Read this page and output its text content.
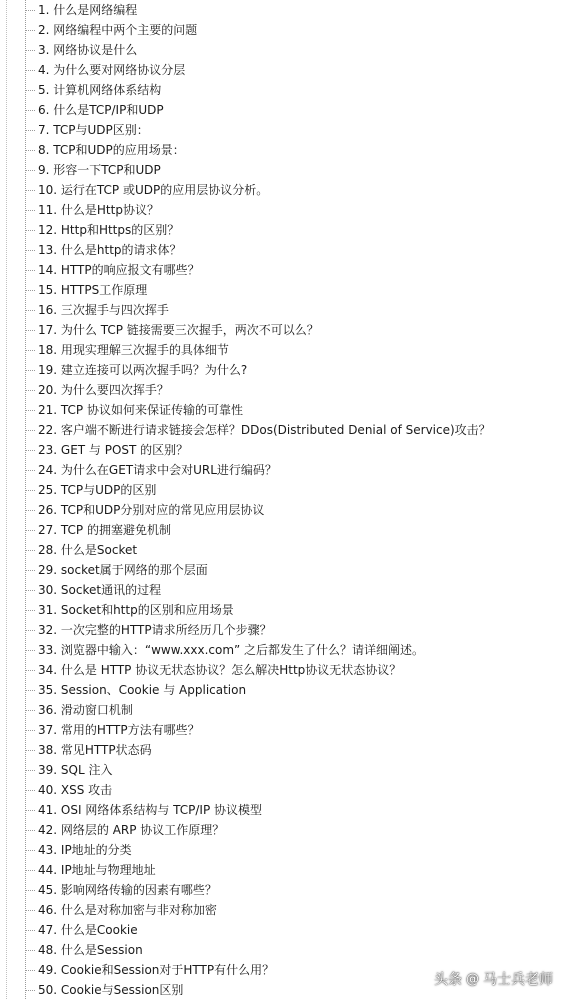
1. 什么是网络编程
2. 网络编程中两个主要的问题
3. 网络协议是什么
4. 为什么要对网络协议分层
5. 计算机网络体系结构
6. 什么是TCP/IP和UDP
7. TCP与UDP区别：
8. TCP和UDP的应用场景：
9. 形容一下TCP和UDP
10. 运行在TCP 或UDP的应用层协议分析。
11. 什么是Http协议？
12. Http和Https的区别？
13. 什么是http的请求体？
14. HTTP的响应报文有哪些？
15. HTTPS工作原理
16. 三次握手与四次挥手
17. 为什么 TCP 链接需要三次握手，两次不可以么？
18. 用现实理解三次握手的具体细节
19. 建立连接可以两次握手吗？为什么?
20. 为什么要四次挥手？
21. TCP 协议如何来保证传输的可靠性
22. 客户端不断进行请求链接会怎样？DDos(Distributed Denial of Service)攻击？
23. GET 与 POST 的区别？
24. 为什么在GET请求中会对URL进行编码？
25. TCP与UDP的区别
26. TCP和UDP分别对应的常见应用层协议
27. TCP 的拥塞避免机制
28. 什么是Socket
29. socket属于网络的那个层面
30. Socket通讯的过程
31. Socket和http的区别和应用场景
32. 一次完整的HTTP请求所经历几个步骤？
33. 浏览器中输入：“www.xxx.com” 之后都发生了什么？请详细阐述。
34. 什么是 HTTP 协议无状态协议？怎么解决Http协议无状态协议？
35. Session、Cookie 与 Application
36. 滑动窗口机制
37. 常用的HTTP方法有哪些？
38. 常见HTTP状态码
39. SQL 注入
40. XSS 攻击
41. OSI 网络体系结构与 TCP/IP 协议模型
42. 网络层的 ARP 协议工作原理？
43. IP地址的分类
44. IP地址与物理地址
45. 影响网络传输的因素有哪些？
46. 什么是对称加密与非对称加密
47. 什么是Cookie
48. 什么是Session
49. Cookie和Session对于HTTP有什么用？
50. Cookie与Session区别
头条 @ 马士兵老师
